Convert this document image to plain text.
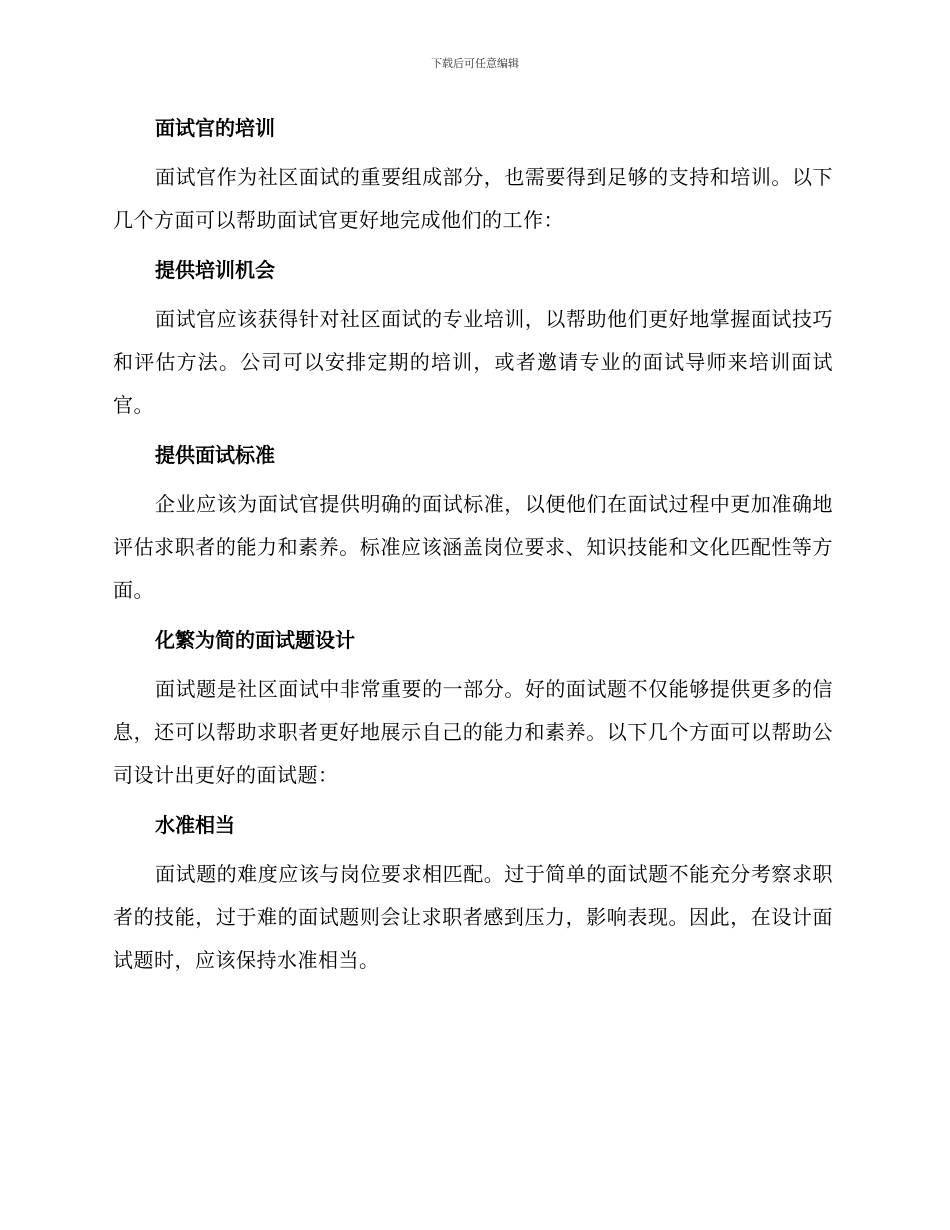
下载后可任意编辑
面试官的培训

面试官作为社区面试的重要组成部分，也需要得到足够的支持和培训。以下几个方面可以帮助面试官更好地完成他们的工作：

提供培训机会

面试官应该获得针对社区面试的专业培训，以帮助他们更好地掌握面试技巧和评估方法。公司可以安排定期的培训，或者邀请专业的面试导师来培训面试官。

提供面试标准

企业应该为面试官提供明确的面试标准，以便他们在面试过程中更加准确地评估求职者的能力和素养。标准应该涵盖岗位要求、知识技能和文化匹配性等方面。

化繁为简的面试题设计

面试题是社区面试中非常重要的一部分。好的面试题不仅能够提供更多的信息，还可以帮助求职者更好地展示自己的能力和素养。以下几个方面可以帮助公司设计出更好的面试题：

水准相当

面试题的难度应该与岗位要求相匹配。过于简单的面试题不能充分考察求职者的技能，过于难的面试题则会让求职者感到压力，影响表现。因此，在设计面试题时，应该保持水准相当。
